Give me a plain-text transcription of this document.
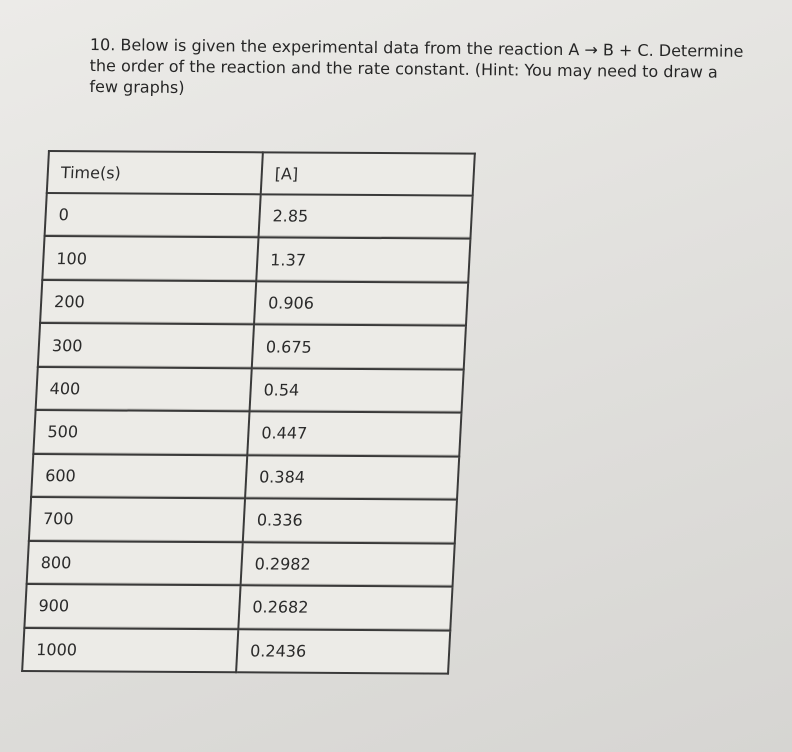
10. Below is given the experimental data from the reaction A → B + C. Determine the order of the reaction and the rate constant. (Hint: You may need to draw a few graphs)
Time(s)	[A]
0	2.85
100	1.37
200	0.906
300	0.675
400	0.54
500	0.447
600	0.384
700	0.336
800	0.2982
900	0.2682
1000	0.2436
